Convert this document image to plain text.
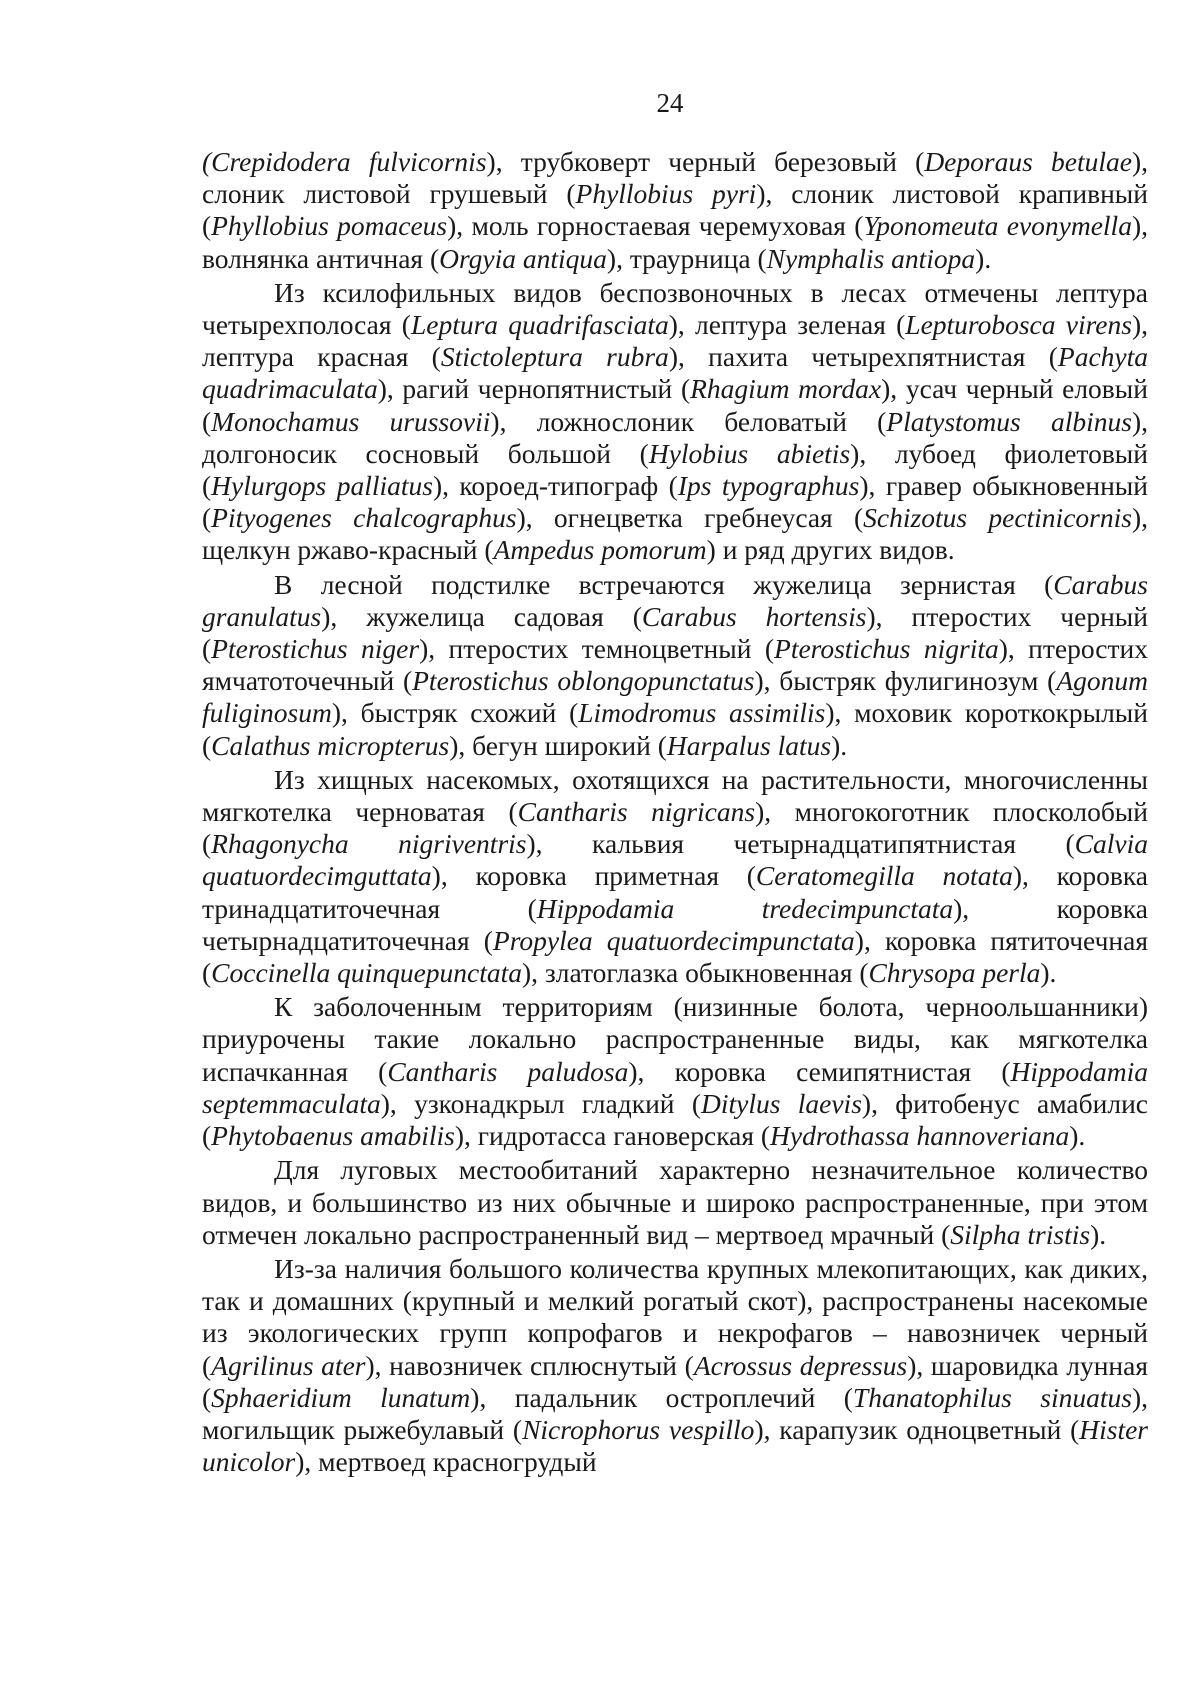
24

(Crepidodera fulvicornis), трубковерт черный березовый (Deporaus betulae), слоник листовой грушевый (Phyllobius pyri), слоник листовой крапивный (Phyllobius pomaceus), моль горностаевая черемуховая (Yponomeuta evonymella), волнянка античная (Orgyia antiqua), траурница (Nymphalis antiopa).

Из ксилофильных видов беспозвоночных в лесах отмечены лептура четырехполосая (Leptura quadrifasciata), лептура зеленая (Lepturobosca virens), лептура красная (Stictoleptura rubra), пахита четырехпятнистая (Pachyta quadrimaculata), рагий чернопятнистый (Rhagium mordax), усач черный еловый (Monochamus urussovii), ложнослоник беловатый (Platystomus albinus), долгоносик сосновый большой (Hylobius abietis), лубоед фиолетовый (Hylurgops palliatus), короед-типограф (Ips typographus), гравер обыкновенный (Pityogenes chalcographus), огнецветка гребнеусая (Schizotus pectinicornis), щелкун ржаво-красный (Ampedus pomorum) и ряд других видов.

В лесной подстилке встречаются жужелица зернистая (Carabus granulatus), жужелица садовая (Carabus hortensis), птеростих черный (Pterostichus niger), птеростих темноцветный (Pterostichus nigrita), птеростих ямчатоточечный (Pterostichus oblongopunctatus), быстряк фулигинозум (Agonum fuliginosum), быстряк схожий (Limodromus assimilis), моховик короткокрылый (Calathus micropterus), бегун широкий (Harpalus latus).

Из хищных насекомых, охотящихся на растительности, многочисленны мягкотелка черноватая (Cantharis nigricans), многокоготник плосколобый (Rhagonycha nigriventris), кальвия четырнадцатипятнистая (Calvia quatuordecimguttata), коровка приметная (Ceratomegilla notata), коровка тринадцатиточечная (Hippodamia tredecimpunctata), коровка четырнадцатиточечная (Propylea quatuordecimpunctata), коровка пятиточечная (Coccinella quinquepunctata), златоглазка обыкновенная (Chrysopa perla).

К заболоченным территориям (низинные болота, черноольшанники) приурочены такие локально распространенные виды, как мягкотелка испачканная (Cantharis paludosa), коровка семипятнистая (Hippodamia septemmaculata), узконадкрыл гладкий (Ditylus laevis), фитобенус амабилис (Phytobaenus amabilis), гидротасса гановерская (Hydrothassa hannoveriana).

Для луговых местообитаний характерно незначительное количество видов, и большинство из них обычные и широко распространенные, при этом отмечен локально распространенный вид – мертвоед мрачный (Silpha tristis).

Из-за наличия большого количества крупных млекопитающих, как диких, так и домашних (крупный и мелкий рогатый скот), распространены насекомые из экологических групп копрофагов и некрофагов – навозничек черный (Agrilinus ater), навозничек сплюснутый (Acrossus depressus), шаровидка лунная (Sphaeridium lunatum), падальник остроплечий (Thanatophilus sinuatus), могильщик рыжебулавый (Nicrophorus vespillo), карапузик одноцветный (Hister unicolor), мертвоед красногрудый
